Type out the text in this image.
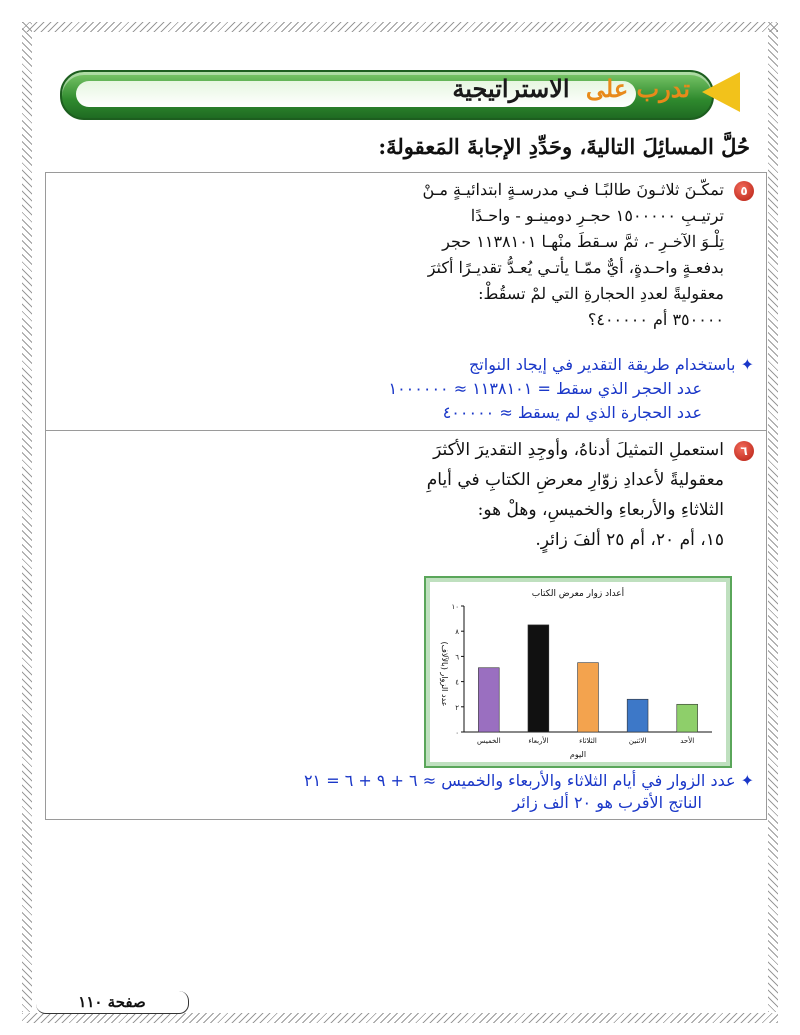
تدرب على الاستراتيجية
حُلَّ المسائِلَ التاليةَ، وحَدِّدِ الإجابةَ المَعقولةَ:
٥
تمكّـنَ ثلاثـونَ طالبًـا فـي مدرسـةٍ ابتدائيـةٍ مـنْ
ترتيـبِ ١٥٠٠٠٠٠ حجـرِ دومينـو - واحـدًا
تِلْـوَ الآخـرِ -، ثمَّ سـقطَ منْهـا ١١٣٨١٠١ حجر
بدفعـةٍ واحـدةٍ، أيٌّ ممّـا يأتـي يُعـدُّ تقديـرًا أكثرَ
معقوليةً لعددِ الحجارةِ التي لمْ تسقُطْ:
٣٥٠٠٠٠ أم ٤٠٠٠٠٠؟
✦ باستخدام طريقة التقدير في إيجاد النواتج
عدد الحجر الذي سقط = ١١٣٨١٠١ ≈ ١٠٠٠٠٠٠
عدد الحجارة الذي لم يسقط ≈ ٤٠٠٠٠٠
٦
استعملِ التمثيلَ أدناهُ، وأوجِدِ التقديرَ الأكثرَ
معقوليةً لأعدادِ زوّارِ معرضِ الكتابِ في أيامِ
الثلاثاءِ والأربعاءِ والخميسِ، وهلْ هو:
١٥، أم ٢٠، أم ٢٥ ألفَ زائرٍ.
أعداد زوار معرض الكتاب
اليوم
عدد الزوار (بالآلاف)
٠
٢
٤
٦
٨
١٠
الأحد
الاثنين
الثلاثاء
الأربعاء
الخميس
✦ عدد الزوار في أيام الثلاثاء والأربعاء والخميس ≈ ٦ + ٩ + ٦ = ٢١
الناتج الأقرب هو ٢٠ ألف زائر
صفحة ١١٠
